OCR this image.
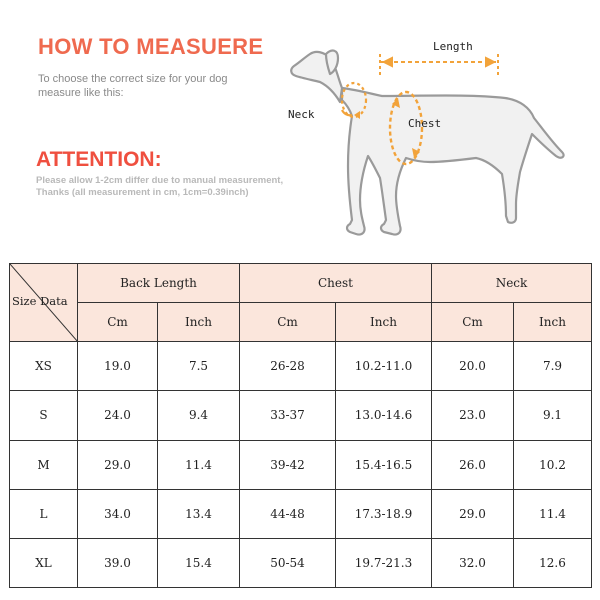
HOW TO MEASUERE
To choose the correct size for your dog measure like this:
ATTENTION:
Please allow 1-2cm differ due to manual measurement, Thanks (all measurement in cm, 1cm=0.39inch)
Length
Neck
Chest
Size Data	Back Length		Chest		Neck	
	Cm	Inch	Cm	Inch	Cm	Inch
XS	19.0	7.5	26-28	10.2-11.0	20.0	7.9
S	24.0	9.4	33-37	13.0-14.6	23.0	9.1
M	29.0	11.4	39-42	15.4-16.5	26.0	10.2
L	34.0	13.4	44-48	17.3-18.9	29.0	11.4
XL	39.0	15.4	50-54	19.7-21.3	32.0	12.6
